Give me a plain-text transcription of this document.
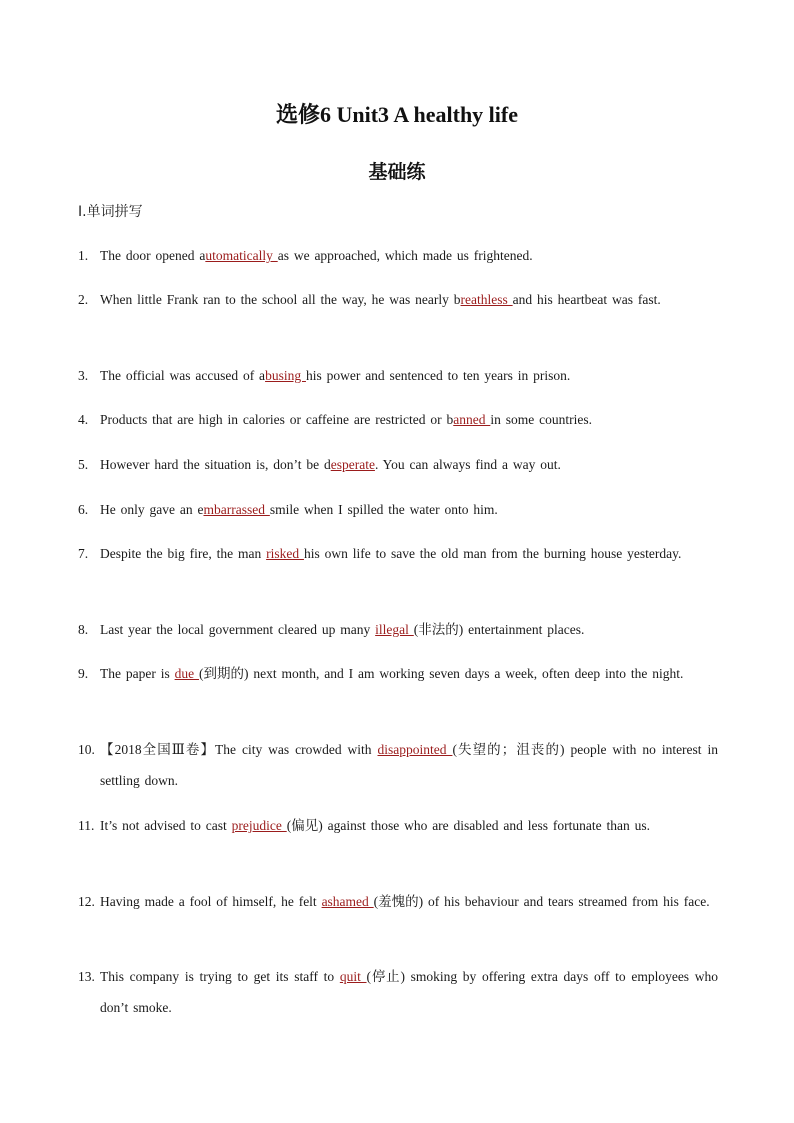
选修6 Unit3 A healthy life
基础练
Ⅰ.单词拼写
1. The door opened automatically as we approached, which made us frightened.
2. When little Frank ran to the school all the way, he was nearly breathless and his heartbeat was fast.
3. The official was accused of abusing his power and sentenced to ten years in prison.
4. Products that are high in calories or caffeine are restricted or banned in some countries.
5. However hard the situation is, don’t be desperate. You can always find a way out.
6. He only gave an embarrassed smile when I spilled the water onto him.
7. Despite the big fire, the man risked his own life to save the old man from the burning house yesterday.
8. Last year the local government cleared up many illegal (非法的) entertainment places.
9. The paper is due (到期的) next month, and I am working seven days a week, often deep into the night.
10. 【2018全国Ⅲ卷】The city was crowded with disappointed (失望的；沮丧的) people with no interest in settling down.
11. It’s not advised to cast prejudice (偏见) against those who are disabled and less fortunate than us.
12. Having made a fool of himself, he felt ashamed (羞愧的) of his behaviour and tears streamed from his face.
13. This company is trying to get its staff to quit (停止) smoking by offering extra days off to employees who don’t smoke.
